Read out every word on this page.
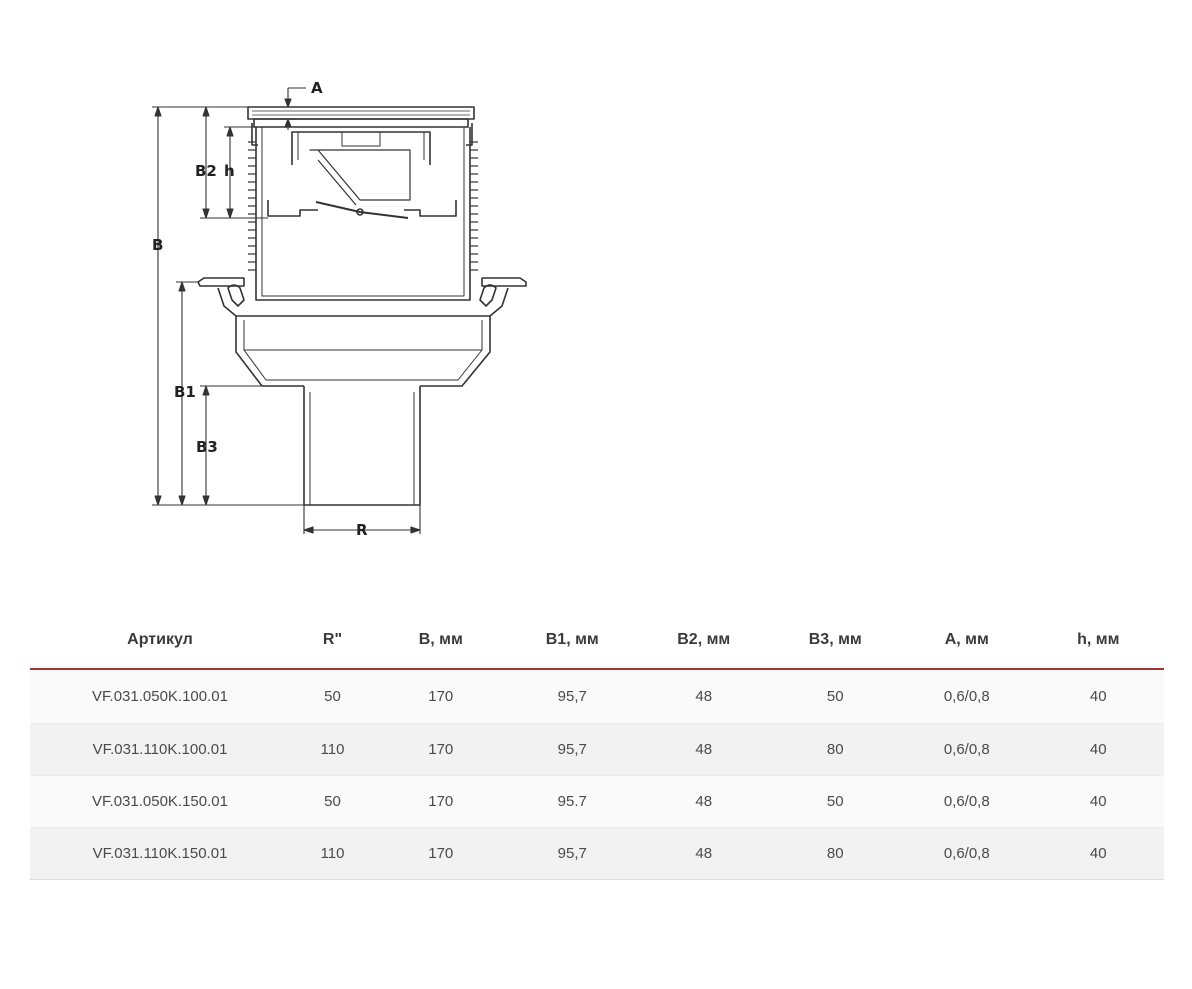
A
B
B2 h
B1
B3
R
Артикул	R"	B, мм	B1, мм	B2, мм	B3, мм	A, мм	h, мм
VF.031.050K.100.01	50	170	95,7	48	50	0,6/0,8	40
VF.031.110K.100.01	110	170	95,7	48	80	0,6/0,8	40
VF.031.050K.150.01	50	170	95.7	48	50	0,6/0,8	40
VF.031.110K.150.01	110	170	95,7	48	80	0,6/0,8	40
